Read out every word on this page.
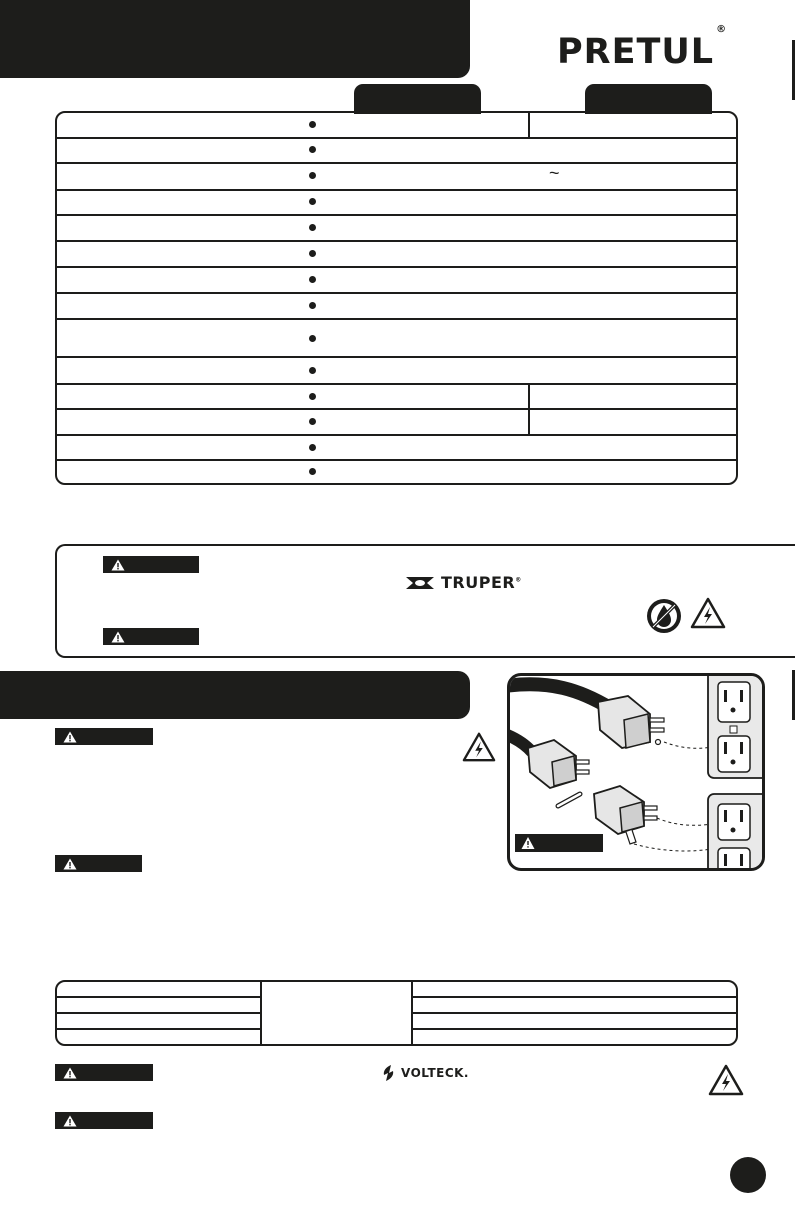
PRETUL®
~
TRUPER®
VOLTECK.
